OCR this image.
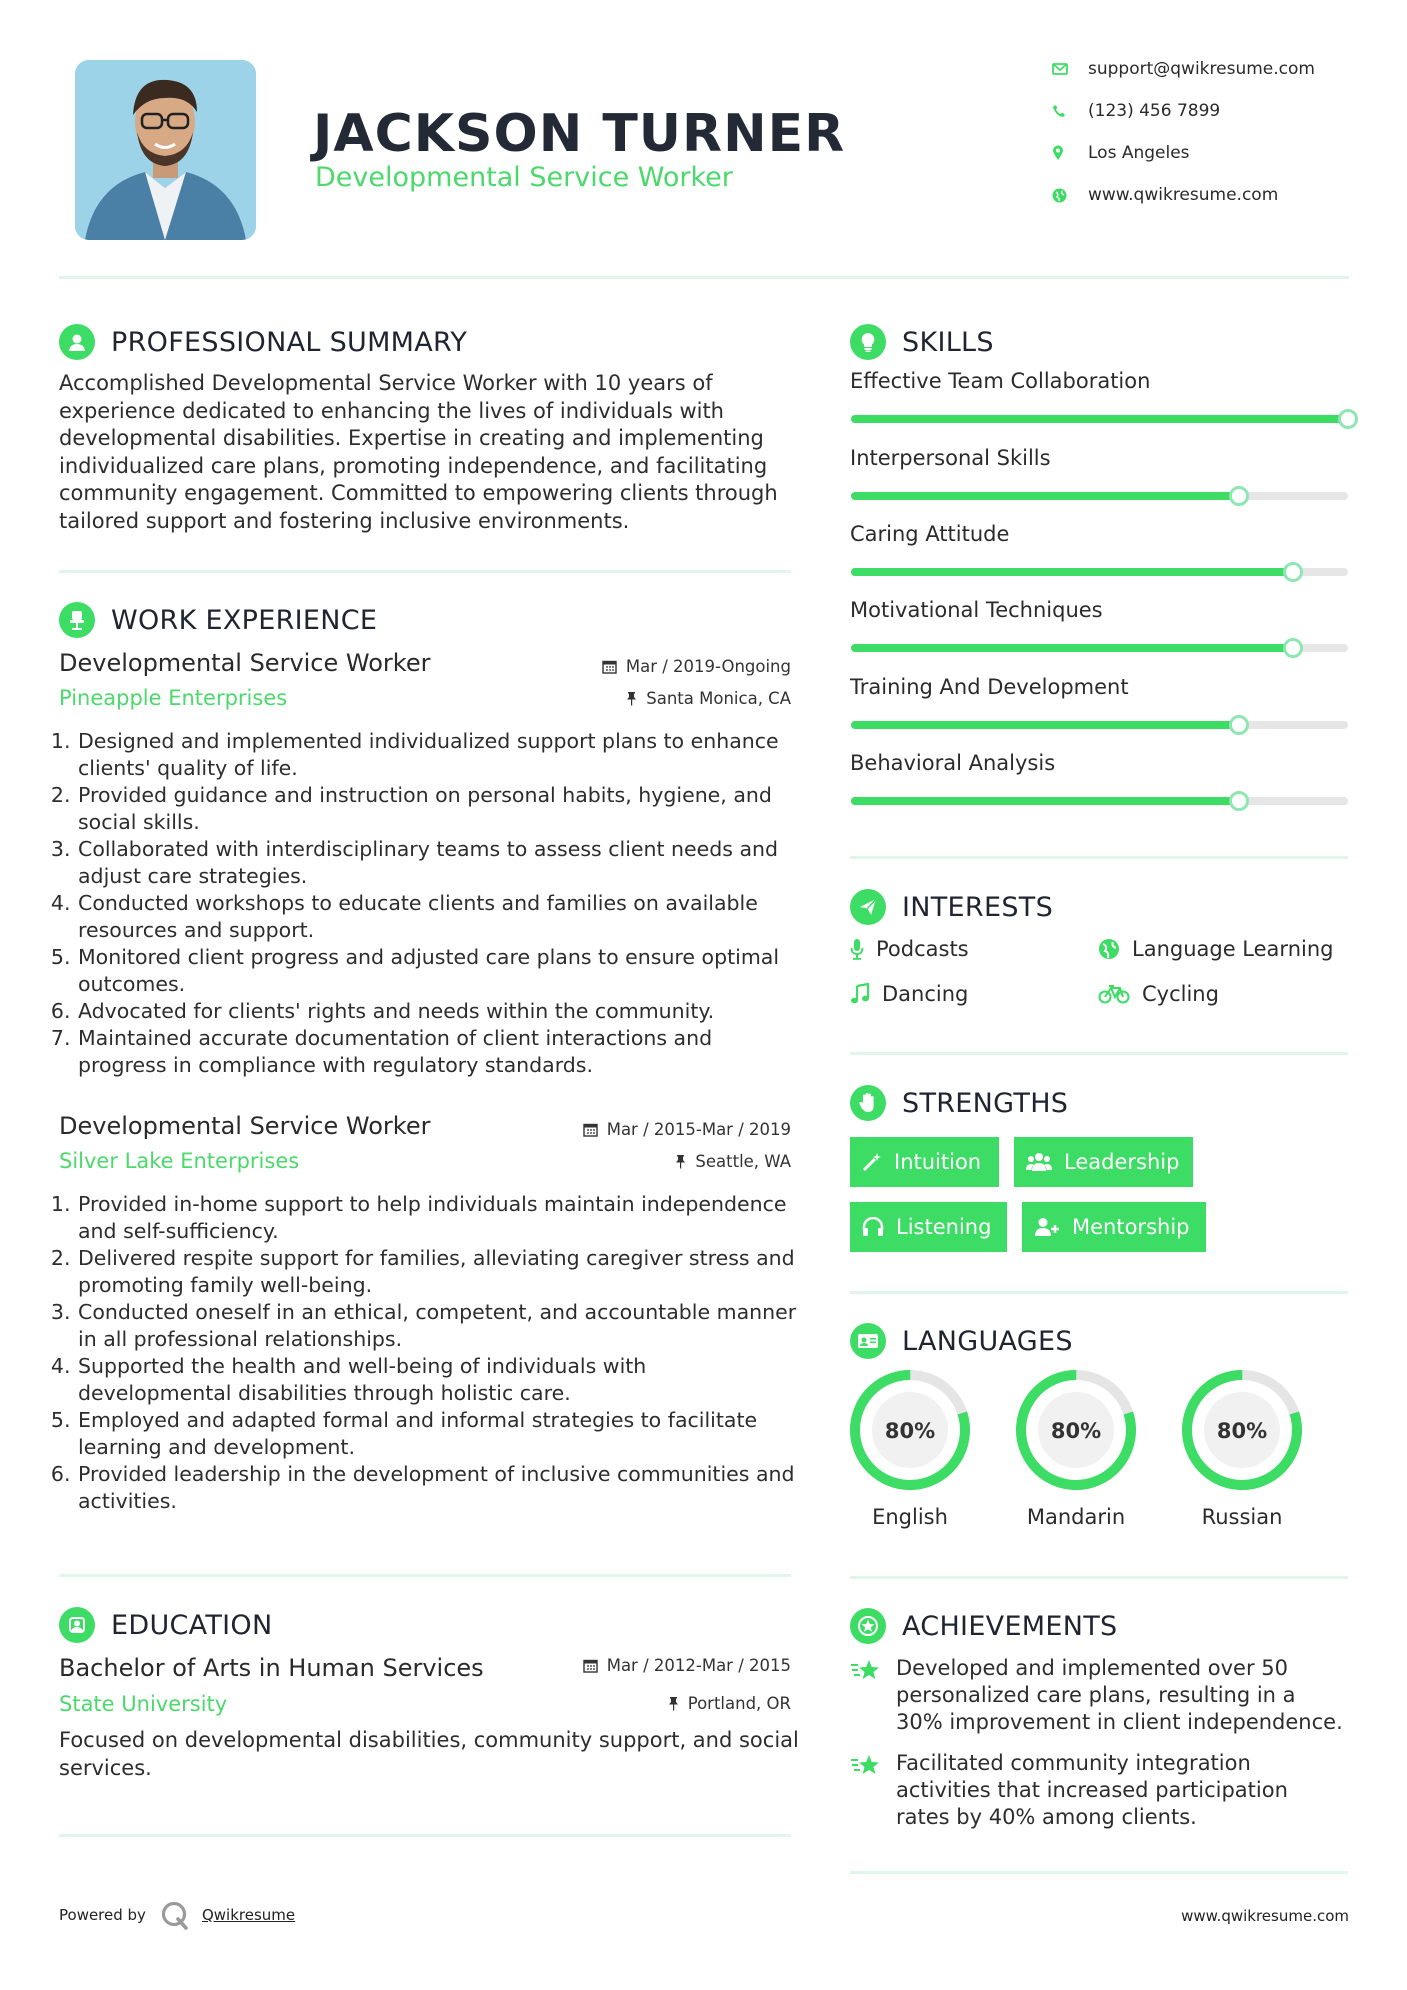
JACKSON TURNER
Developmental Service Worker
support@qwikresume.com
(123) 456 7899
Los Angeles
www.qwikresume.com
PROFESSIONAL SUMMARY
Accomplished Developmental Service Worker with 10 years of experience dedicated to enhancing the lives of individuals with developmental disabilities. Expertise in creating and implementing individualized care plans, promoting independence, and facilitating community engagement. Committed to empowering clients through tailored support and fostering inclusive environments.
WORK EXPERIENCE
Developmental Service Worker	Mar / 2019-Ongoing
Pineapple Enterprises	Santa Monica, CA
1. Designed and implemented individualized support plans to enhance clients' quality of life.
2. Provided guidance and instruction on personal habits, hygiene, and social skills.
3. Collaborated with interdisciplinary teams to assess client needs and adjust care strategies.
4. Conducted workshops to educate clients and families on available resources and support.
5. Monitored client progress and adjusted care plans to ensure optimal outcomes.
6. Advocated for clients' rights and needs within the community.
7. Maintained accurate documentation of client interactions and progress in compliance with regulatory standards.
Developmental Service Worker	Mar / 2015-Mar / 2019
Silver Lake Enterprises	Seattle, WA
1. Provided in-home support to help individuals maintain independence and self-sufficiency.
2. Delivered respite support for families, alleviating caregiver stress and promoting family well-being.
3. Conducted oneself in an ethical, competent, and accountable manner in all professional relationships.
4. Supported the health and well-being of individuals with developmental disabilities through holistic care.
5. Employed and adapted formal and informal strategies to facilitate learning and development.
6. Provided leadership in the development of inclusive communities and activities.
EDUCATION
Bachelor of Arts in Human Services	Mar / 2012-Mar / 2015
State University	Portland, OR
Focused on developmental disabilities, community support, and social services.
SKILLS
Effective Team Collaboration
Interpersonal Skills
Caring Attitude
Motivational Techniques
Training And Development
Behavioral Analysis
INTERESTS
Podcasts	Language Learning
Dancing	Cycling
STRENGTHS
Intuition	Leadership
Listening	Mentorship
LANGUAGES
80%	80%	80%
English	Mandarin	Russian
ACHIEVEMENTS
Developed and implemented over 50 personalized care plans, resulting in a 30% improvement in client independence.
Facilitated community integration activities that increased participation rates by 40% among clients.
Powered by	Qwikresume	www.qwikresume.com
